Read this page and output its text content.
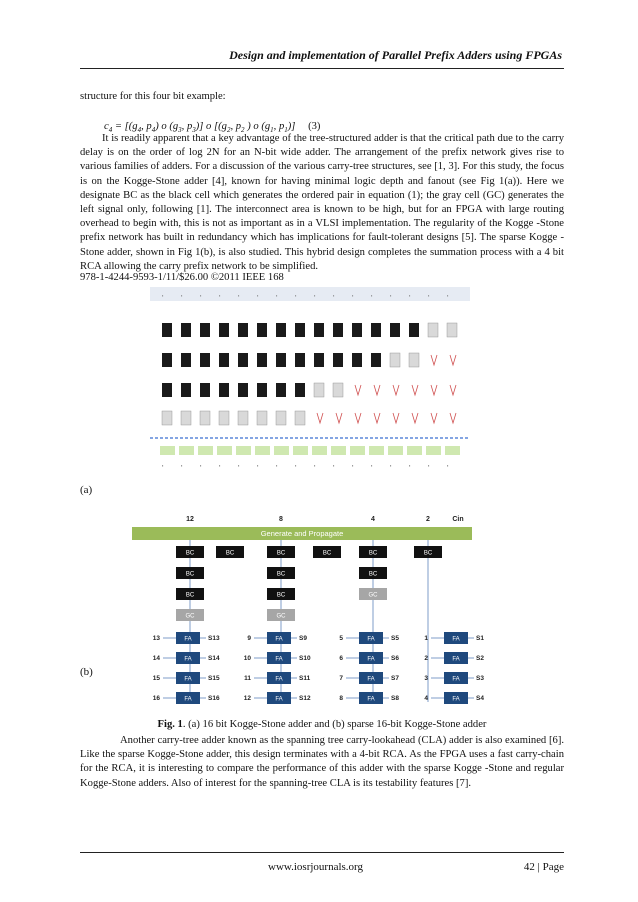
Design and implementation of Parallel Prefix Adders using FPGAs
structure for this four bit example:
$c_4 = [(g_4$, $p_4$) o ($g_3$, $p_3$)] o [($g_2$, $p_2$ ) o ($g_1$, $p_1$)] (3)
It is readily apparent that a key advantage of the tree-structured adder is that the critical path due to the carry delay is on the order of log 2N for an N-bit wide adder. The arrangement of the prefix network gives rise to various families of adders. For a discussion of the various carry-tree structures, see [1, 3]. For this study, the focus is on the Kogge-Stone adder [4], known for having minimal logic depth and fanout (see Fig 1(a)). Here we designate BC as the black cell which generates the ordered pair in equation (1); the gray cell (GC) generates the left signal only, following [1]. The interconnect area is known to be high, but for an FPGA with large routing overhead to begin with, this is not as important as in a VLSI implementation. The regularity of the Kogge -Stone prefix network has built in redundancy which has implications for fault-tolerant designs [5]. The sparse Kogge -Stone adder, shown in Fig 1(b), is also studied. This hybrid design completes the summation process with a 4 bit RCA allowing the carry prefix network to be simplified.
978-1-4244-9593-1/11/$26.00 ©2011 IEEE 168
▪	▪	▪	▪	▪	▪	▪	▪	▪	▪	▪	▪	▪	▪	▪	▪
▪	▪	▪	▪	▪	▪	▪	▪	▪	▪	▪	▪	▪	▪	▪	▪
(a)
12	8	4	2	Cin
Generate and Propagate
BC	BC	BC	BC	BC	BC
BC	BC	BC
BC	BC	GC
GC	GC
13	FA	S13	9	FA	S9	5	FA	S5	1	FA	S1
14	FA	S14	10	FA	S10	6	FA	S6	2	FA	S2
15	FA	S15	11	FA	S11	7	FA	S7	3	FA	S3
16	FA	S16	12	FA	S12	8	FA	S8	4	FA	S4
(b)
Fig. 1. (a) 16 bit Kogge-Stone adder and (b) sparse 16-bit Kogge-Stone adder
Another carry-tree adder known as the spanning tree carry-lookahead (CLA) adder is also examined [6]. Like the sparse Kogge-Stone adder, this design terminates with a 4-bit RCA. As the FPGA uses a fast carry-chain for the RCA, it is interesting to compare the performance of this adder with the sparse Kogge -Stone and regular Kogge-Stone adders. Also of interest for the spanning-tree CLA is its testability features [7].
www.iosrjournals.org	42 | Page
